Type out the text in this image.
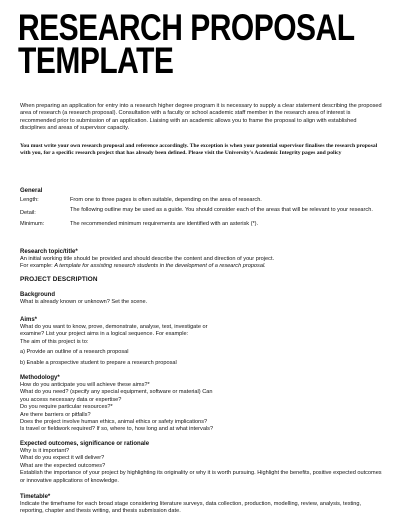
RESEARCH PROPOSAL
TEMPLATE
When preparing an application for entry into a research higher degree program it is necessary to supply a clear statement describing the proposed area of research (a research proposal). Consultation with a faculty or school academic staff member in the research area of interest is recommended prior to submission of an application. Liaising with an academic allows you to frame the proposal to align with established disciplines and areas of supervisor capacity.
You must write your own research proposal and reference accordingly. The exception is when your potential supervisor finalises the research proposal with you, for a specific research project that has already been defined. Please visit the University's Academic Integrity pages and policy
General
Length:	From one to three pages is often suitable, depending on the area of research.
Detail:	The following outline may be used as a guide. You should consider each of the areas that will be relevant to your research.
Minimum:	The recommended minimum requirements are identified with an asterisk (*).
Research topic/title*
An initial working title should be provided and should describe the content and direction of your project.
For example: A template for assisting research students in the development of a research proposal.
PROJECT DESCRIPTION
Background
What is already known or unknown? Set the scene.
Aims*
What do you want to know, prove, demonstrate, analyse, test, investigate or
examine? List your project aims in a logical sequence. For example:
The aim of this project is to:
a) Provide an outline of a research proposal
b) Enable a prospective student to prepare a research proposal
Methodology*
How do you anticipate you will achieve these aims?*
What do you need? (specify any special equipment, software or material) Can
you access necessary data or expertise?
Do you require particular resources?*
Are there barriers or pitfalls?
Does the project involve human ethics, animal ethics or safety implications?
Is travel or fieldwork required? If so, where to, how long and at what intervals?
Expected outcomes, significance or rationale
Why is it important?
What do you expect it will deliver?
What are the expected outcomes?
Establish the importance of your project by highlighting its originality or why it is worth pursuing. Highlight the benefits, positive expected outcomes or innovative applications of knowledge.
Timetable*
Indicate the timeframe for each broad stage considering literature surveys, data collection, production, modelling, review, analysis, testing, reporting, chapter and thesis writing, and thesis submission date.
